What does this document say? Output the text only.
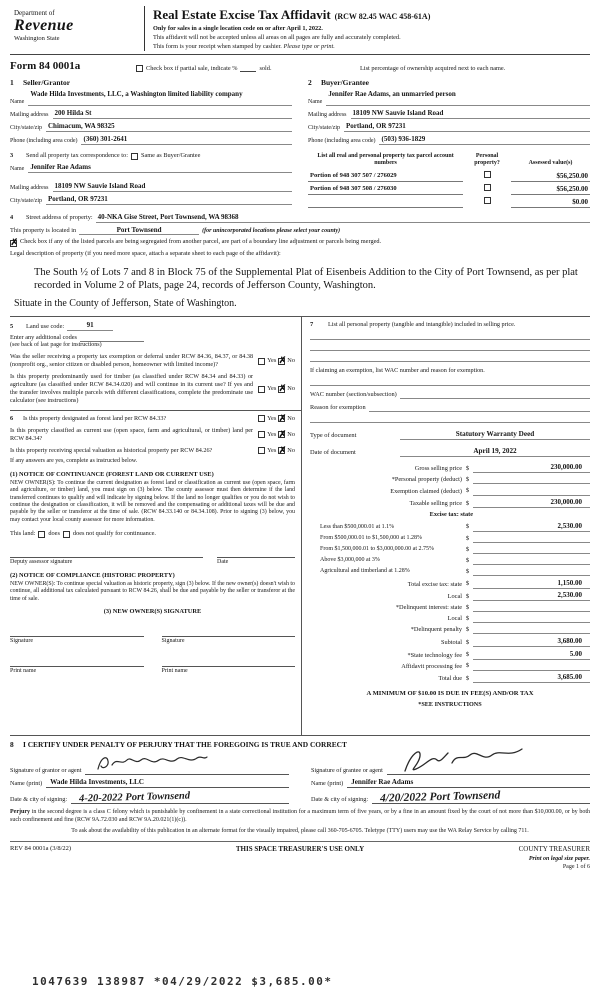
Department of
Revenue
Washington State
Real Estate Excise Tax Affidavit (RCW 82.45 WAC 458-61A)
Only for sales in a single location code on or after April 1, 2022.
This affidavit will not be accepted unless all areas on all pages are fully and accurately completed.
This form is your receipt when stamped by cashier. Please type or print.
Form 84 0001a	Check box if partial sale, indicate %	sold.	List percentage of ownership acquired next to each name.
1 Seller/Grantor
Name
Wade Hilda Investments, LLC, a Washington limited liability company
Mailing address 200 Hilda St
City/state/zip Chimacum, WA 98325
Phone (including area code) (360) 301-2641
2 Buyer/Grantee
Name
Jennifer Rae Adams, an unmarried person
Mailing address 18109 NW Sauvie Island Road
City/state/zip Portland, OR 97231
Phone (including area code) (503) 936-1829
3	Send all property tax correspondence to: Same as Buyer/Grantee
Name Jennifer Rae Adams
Mailing address 18109 NW Sauvie Island Road
City/state/zip Portland, OR 97231
List all real and personal property tax parcel account numbers	Personal property?	Assessed value(s)
Portion of 948 307 507 / 276029		$56,250.00
Portion of 948 307 508 / 276030		$56,250.00
		$0.00
4	Street address of property: 40-NKA Gise Street, Port Townsend, WA 98368
This property is located in	Port Townsend	(for unincorporated locations please select your county)
✗
Check box if any of the listed parcels are being segregated from another parcel, are part of a boundary line adjustment or parcels being merged.
Legal description of property (if you need more space, attach a separate sheet to each page of the affidavit):
The South ½ of Lots 7 and 8 in Block 75 of the Supplemental Plat of Eisenbeis Addition to the City of Port Townsend, as per plat recorded in Volume 2 of Plats, page 24, records of Jefferson County, Washington.
Situate in the County of Jefferson, State of Washington.
5	Land use code:	91
Enter any additional codes
(see back of last page for instructions)
Was the seller receiving a property tax exemption or deferral under RCW 84.36, 84.37, or 84.38 (nonprofit org., senior citizen or disabled person, homeowner with limited income)?
Yes ✗ No
Is this property predominantly used for timber (as classified under RCW 84.34 and 84.33) or agriculture (as classified under RCW 84.34.020) and will continue in its current use? If yes and the transfer involves multiple parcels with different classifications, complete the predominate use calculator (see instructions)
Yes ✗ No
6 Is this property designated as forest land per RCW 84.33?	Yes ✗ No
Is this property classified as current use (open space, farm and agricultural, or timber) land per RCW 84.34?
Yes ✗ No
Is this property receiving special valuation as historical property per RCW 84.26?	Yes ✗ No
If any answers are yes, complete as instructed below.
(1) NOTICE OF CONTINUANCE (FOREST LAND OR CURRENT USE)
NEW OWNER(S): To continue the current designation as forest land or classification as current use (open space, farm and agriculture, or timber) land, you must sign on (3) below. The county assessor must then determine if the land transferred continues to qualify and will indicate by signing below. If the land no longer qualifies or you do not wish to continue the designation or classification, it will be removed and the compensating or additional taxes will be due and payable by the seller or transferor at the time of sale. (RCW 84.33.140 or 84.34.108). Prior to signing (3) below, you may contact your local county assessor for more information.
This land: does does not qualify for continuance.
Deputy assessor signature	Date
(2) NOTICE OF COMPLIANCE (HISTORIC PROPERTY)
NEW OWNER(S): To continue special valuation as historic property, sign (3) below. If the new owner(s) doesn't wish to continue, all additional tax calculated pursuant to RCW 84.26, shall be due and payable by the seller or transferor at the time of sale.
(3) NEW OWNER(S) SIGNATURE
Signature	Signature
Print name	Print name
7	List all personal property (tangible and intangible) included in selling price.
If claiming an exemption, list WAC number and reason for exemption.
WAC number (section/subsection)
Reason for exemption
Type of document	Statutory Warranty Deed
Date of document	April 19, 2022
Gross selling price $	230,000.00
*Personal property (deduct) $
Exemption claimed (deduct) $
Taxable selling price $	230,000.00
Excise tax: state
Less than $500,000.01 at 1.1%	$	2,530.00
From $500,000.01 to $1,500,000 at 1.28%	$
From $1,500,000.01 to $3,000,000.00 at 2.75%	$
Above $3,000,000 at 3%	$
Agricultural and timberland at 1.28%	$
Total excise tax: state $	1,150.00
Local $	2,530.00
*Delinquent interest: state $
Local $
*Delinquent penalty $
Subtotal $	3,680.00
*State technology fee $	5.00
Affidavit processing fee $
Total due $	3,685.00
A MINIMUM OF $10.00 IS DUE IN FEE(S) AND/OR TAX
*SEE INSTRUCTIONS
8 I CERTIFY UNDER PENALTY OF PERJURY THAT THE FOREGOING IS TRUE AND CORRECT
Signature of grantor or agent
Name (print)	Wade Hilda Investments, LLC
Date & city of signing: 4-20-2022 Port Townsend
Signature of grantee or agent
Name (print)	Jennifer Rae Adams
Date & city of signing: 4/20/2022 Port Townsend
Perjury in the second degree is a class C felony which is punishable by confinement in a state correctional institution for a maximum term of five years, or by a fine in an amount fixed by the court of not more than $10,000.00, or by both such confinement and fine (RCW 9A.72.030 and RCW 9A.20.021(1)(c)).
To ask about the availability of this publication in an alternate format for the visually impaired, please call 360-705-6705. Teletype (TTY) users may use the WA Relay Service by calling 711.
REV 84 0001a (3/8/22)	THIS SPACE TREASURER'S USE ONLY	COUNTY TREASURER
Print on legal size paper.
Page 1 of 6
1047639 138987 *04/29/2022 $3,685.00*
